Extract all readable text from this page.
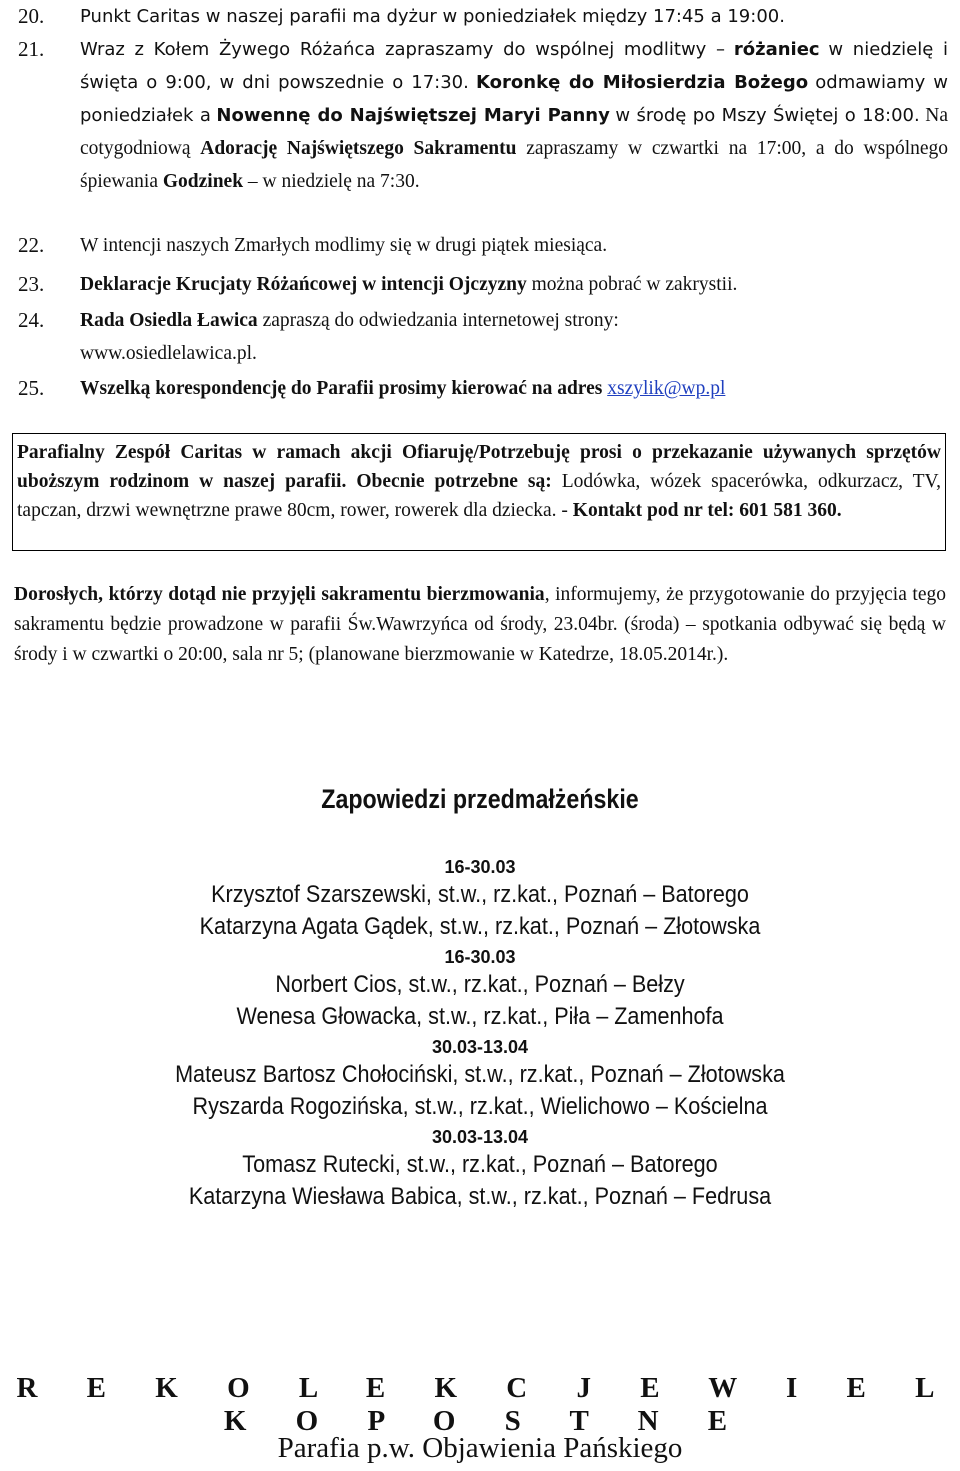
20.	Punkt Caritas w naszej parafii ma dyżur w poniedziałek między 17:45 a 19:00.
21.	Wraz z Kołem Żywego Różańca zapraszamy do wspólnej modlitwy – różaniec w niedzielę i święta o 9:00, w dni powszednie o 17:30. Koronkę do Miłosierdzia Bożego odmawiamy w poniedziałek a Nowennę do Najświętszej Maryi Panny w środę po Mszy Świętej o 18:00. Na cotygodniową Adorację Najświętszego Sakramentu zapraszamy w czwartki na 17:00, a do wspólnego śpiewania Godzinek – w niedzielę na 7:30.
22.	W intencji naszych Zmarłych modlimy się w drugi piątek miesiąca.
23.	Deklaracje Krucjaty Różańcowej w intencji Ojczyzny można pobrać w zakrystii.
24.	Rada Osiedla Ławica zapraszą do odwiedzania internetowej strony:
www.osiedlelawica.pl.
25.	Wszelką korespondencję do Parafii prosimy kierować na adres xszylik@wp.pl
Parafialny Zespół Caritas w ramach akcji Ofiaruję/Potrzebuję prosi o przekazanie używanych sprzętów uboższym rodzinom w naszej parafii. Obecnie potrzebne są: Lodówka, wózek spacerówka, odkurzacz, TV, tapczan, drzwi wewnętrzne prawe 80cm, rower, rowerek dla dziecka. - Kontakt pod nr tel: 601 581 360.
Dorosłych, którzy dotąd nie przyjęli sakramentu bierzmowania, informujemy, że przygotowanie do przyjęcia tego sakramentu będzie prowadzone w parafii Św.Wawrzyńca od środy, 23.04br. (środa) – spotkania odbywać się będą w środy i w czwartki o 20:00, sala nr 5; (planowane bierzmowanie w Katedrze, 18.05.2014r.).
Zapowiedzi przedmałżeńskie
16-30.03
Krzysztof Szarszewski, st.w., rz.kat., Poznań – Batorego
Katarzyna Agata Gądek, st.w., rz.kat., Poznań – Złotowska
16-30.03
Norbert Cios, st.w., rz.kat., Poznań – Bełzy
Wenesa Głowacka, st.w., rz.kat., Piła – Zamenhofa
30.03-13.04
Mateusz Bartosz Chołociński, st.w., rz.kat., Poznań – Złotowska
Ryszarda Rogozińska, st.w., rz.kat., Wielichowo – Kościelna
30.03-13.04
Tomasz Rutecki, st.w., rz.kat., Poznań – Batorego
Katarzyna Wiesława Babica, st.w., rz.kat., Poznań – Fedrusa
R E K O L E K C J E W I E L K O P O S T N E
Parafia p.w. Objawienia Pańskiego
